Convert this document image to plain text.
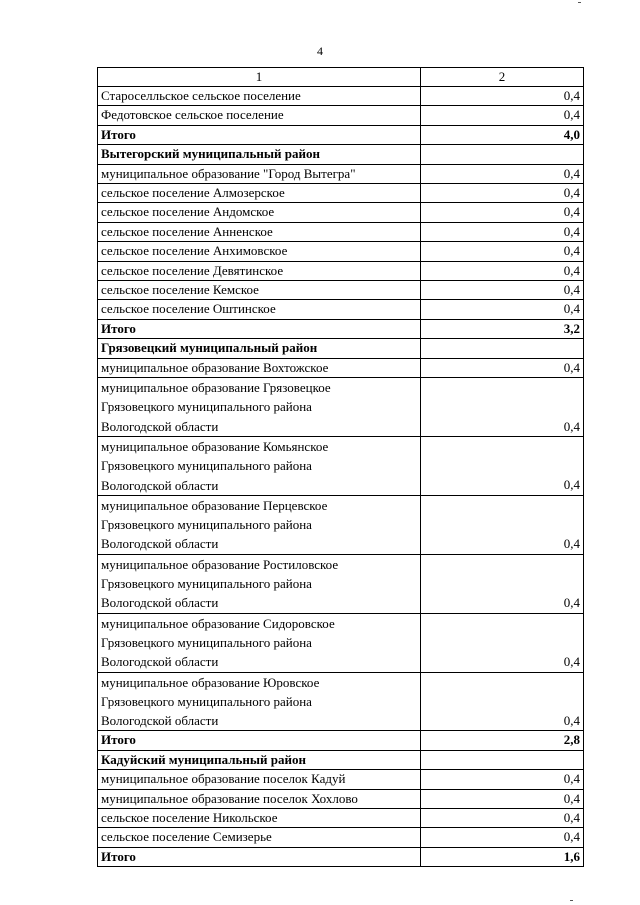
4
1	2
Староселльское сельское поселение	0,4
Федотовское сельское поселение	0,4
Итого	4,0
Вытегорский муниципальный район	
муниципальное образование "Город Вытегра"	0,4
сельское поселение Алмозерское	0,4
сельское поселение Андомское	0,4
сельское поселение Анненское	0,4
сельское поселение Анхимовское	0,4
сельское поселение Девятинское	0,4
сельское поселение Кемское	0,4
сельское поселение Оштинское	0,4
Итого	3,2
Грязовецкий муниципальный район	
муниципальное образование Вохтожское	0,4

муниципальное образование Грязовецкое
Грязовецкого муниципального района
Вологодской области	0,4

муниципальное образование Комьянское
Грязовецкого муниципального района
Вологодской области	0,4

муниципальное образование Перцевское
Грязовецкого муниципального района
Вологодской области	0,4

муниципальное образование Ростиловское
Грязовецкого муниципального района
Вологодской области	0,4

муниципальное образование Сидоровское
Грязовецкого муниципального района
Вологодской области	0,4

муниципальное образование Юровское
Грязовецкого муниципального района
Вологодской области	0,4
Итого	2,8
Кадуйский муниципальный район	
муниципальное образование поселок Кадуй	0,4
муниципальное образование поселок Хохлово	0,4
сельское поселение Никольское	0,4
сельское поселение Семизерье	0,4
Итого	1,6
